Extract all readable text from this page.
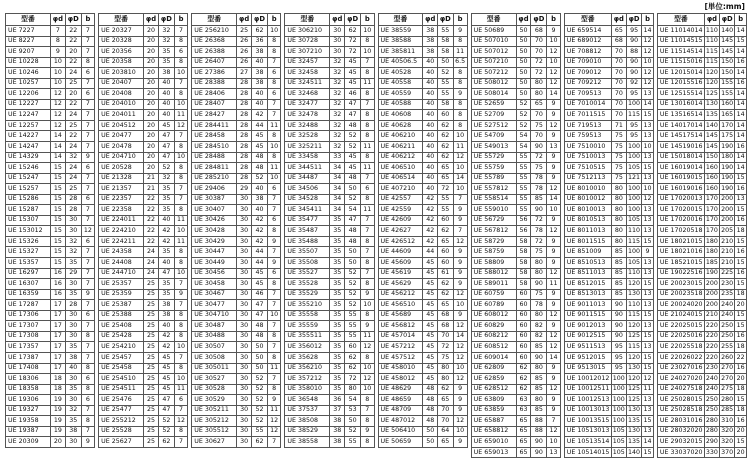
[単位:mm]
型番	φd	φD	b
UE 7227	7	22	7
UE 8227	8	22	7
UE 9207	9	20	7
UE 10228	10	22	8
UE 10246	10	24	6
UE 10257	10	25	7
UE 12206	12	20	6
UE 12227	12	22	7
UE 12247	12	24	7
UE 12257	12	25	7
UE 14227	14	22	7
UE 14247	14	24	7
UE 14329	14	32	9
UE 15246	15	24	6
UE 15247	15	24	7
UE 15257	15	25	7
UE 15286	15	28	6
UE 15287	15	28	7
UE 15307	15	30	7
UE 153012	15	30	12
UE 15326	15	32	6
UE 15327	15	32	7
UE 15357	15	35	7
UE 16297	16	29	7
UE 16307	16	30	7
UE 16359	16	35	9
UE 17287	17	28	7
UE 17306	17	30	6
UE 17307	17	30	7
UE 17308	17	30	8
UE 17357	17	35	7
UE 17387	17	38	7
UE 17408	17	40	8
UE 18306	18	30	6
UE 18358	18	35	8
UE 19306	19	30	6
UE 19327	19	32	7
UE 19358	19	35	8
UE 19387	19	38	7
UE 20309	20	30	9
型番	φd	φD	b
UE 20327	20	32	7
UE 20328	20	32	8
UE 20356	20	35	6
UE 20358	20	35	8
UE 203810	20	38	10
UE 20407	20	40	7
UE 20408	20	40	8
UE 204010	20	40	10
UE 204011	20	40	11
UE 204512	20	45	12
UE 20477	20	47	7
UE 20478	20	47	8
UE 204710	20	47	10
UE 20528	20	52	8
UE 21328	21	32	8
UE 21357	21	35	7
UE 22357	22	35	7
UE 22358	22	35	8
UE 224011	22	40	11
UE 224210	22	42	10
UE 224211	22	42	11
UE 24358	24	35	8
UE 24408	24	40	8
UE 244710	24	47	10
UE 25357	25	35	7
UE 25359	25	35	9
UE 25387	25	38	7
UE 25388	25	38	8
UE 25408	25	40	8
UE 25428	25	42	8
UE 254210	25	42	10
UE 25457	25	45	7
UE 25458	25	45	8
UE 254510	25	45	10
UE 254511	25	45	11
UE 25476	25	47	6
UE 25477	25	47	7
UE 255212	25	52	12
UE 25528	25	52	8
UE 25627	25	62	7
型番	φd	φD	b
UE 256210	25	62	10
UE 26368	26	36	8
UE 26388	26	38	8
UE 26407	26	40	7
UE 27386	27	38	6
UE 28388	28	38	8
UE 28406	28	40	6
UE 28407	28	40	7
UE 28427	28	42	7
UE 284411	28	44	11
UE 28458	28	45	8
UE 284510	28	45	10
UE 28488	28	48	8
UE 284811	28	48	11
UE 285210	28	52	10
UE 29406	29	40	6
UE 30387	30	38	7
UE 30407	30	40	7
UE 30426	30	42	6
UE 30428	30	42	8
UE 30429	30	42	9
UE 30447	30	44	7
UE 30449	30	44	9
UE 30456	30	45	6
UE 30458	30	45	8
UE 30467	30	46	7
UE 30477	30	47	7
UE 304710	30	47	10
UE 30487	30	48	7
UE 30488	30	48	8
UE 30507	30	50	7
UE 30508	30	50	8
UE 305011	30	50	11
UE 30527	30	52	7
UE 30528	30	52	8
UE 30529	30	52	9
UE 305211	30	52	11
UE 305212	30	52	12
UE 305512	30	55	12
UE 30627	30	62	7
型番	φd	φD	b
UE 306210	30	62	10
UE 30728	30	72	8
UE 307210	30	72	10
UE 32457	32	45	7
UE 32458	32	45	8
UE 324511	32	45	11
UE 32468	32	46	8
UE 32477	32	47	7
UE 32478	32	47	8
UE 32488	32	48	8
UE 32528	32	52	8
UE 325211	32	52	11
UE 33458	33	45	8
UE 344511	34	45	11
UE 34487	34	48	7
UE 34506	34	50	6
UE 34528	34	52	8
UE 345411	34	54	11
UE 35477	35	47	7
UE 35487	35	48	7
UE 35488	35	48	8
UE 35507	35	50	7
UE 35508	35	50	8
UE 35527	35	52	7
UE 35528	35	52	8
UE 35529	35	52	9
UE 355210	35	52	10
UE 35558	35	55	8
UE 35559	35	55	9
UE 355511	35	55	11
UE 356012	35	60	12
UE 35628	35	62	8
UE 356210	35	62	10
UE 357212	35	72	12
UE 358010	35	80	10
UE 36548	36	54	8
UE 37537	37	53	7
UE 38508	38	50	8
UE 38529	38	52	9
UE 38558	38	55	8
型番	φd	φD	b
UE 38559	38	55	9
UE 38588	38	58	8
UE 385811	38	58	11
UE 40506.5	40	50	6.5
UE 40528	40	52	8
UE 40558	40	55	8
UE 40559	40	55	9
UE 40588	40	58	8
UE 40608	40	60	8
UE 40628	40	62	8
UE 406210	40	62	10
UE 406211	40	62	11
UE 406212	40	62	12
UE 406510	40	65	10
UE 406514	40	65	14
UE 407210	40	72	10
UE 42557	42	55	7
UE 42559	42	55	9
UE 42609	42	60	9
UE 42627	42	62	7
UE 426512	42	65	12
UE 44609	44	60	9
UE 45609	45	60	9
UE 45619	45	61	9
UE 45629	45	62	9
UE 456212	45	62	12
UE 456510	45	65	10
UE 45689	45	68	9
UE 456812	45	68	12
UE 457014	45	70	14
UE 457212	45	72	12
UE 457512	45	75	12
UE 458010	45	80	10
UE 458012	45	80	12
UE 48629	48	62	9
UE 48659	48	65	9
UE 48709	48	70	9
UE 487012	48	70	12
UE 506410	50	64	10
UE 50659	50	65	9
型番	φd	φD	b
UE 50689	50	68	9
UE 507010	50	70	10
UE 507012	50	70	12
UE 507210	50	72	10
UE 507212	50	72	12
UE 508012	50	80	12
UE 508014	50	80	14
UE 52659	52	65	9
UE 52709	52	70	9
UE 527512	52	75	12
UE 54709	54	70	9
UE 549013	54	90	13
UE 55729	55	72	9
UE 55759	55	75	9
UE 55789	55	78	9
UE 557812	55	78	12
UE 558514	55	85	14
UE 559010	55	90	10
UE 56729	56	72	9
UE 567812	56	78	12
UE 58729	58	72	9
UE 58759	58	75	9
UE 58809	58	80	9
UE 588012	58	80	12
UE 589011	58	90	11
UE 60759	60	75	9
UE 60789	60	78	9
UE 608012	60	80	12
UE 60829	60	82	9
UE 608212	60	82	12
UE 608512	60	85	12
UE 609014	60	90	14
UE 62809	62	80	9
UE 62859	62	85	9
UE 628512	62	85	12
UE 63809	63	80	9
UE 63859	63	85	9
UE 65887	65	88	7
UE 658812	65	88	12
UE 659010	65	90	10
UE 659013	65	90	13
型番	φd	φD	b
UE 659514	65	95	14
UE 689012	68	90	12
UE 708812	70	88	12
UE 709010	70	90	10
UE 709012	70	90	12
UE 709212	70	92	12
UE 709513	70	95	13
UE 7010014	70	100	14
UE 7011515	70	115	15
UE 719513	71	95	13
UE 759513	75	95	13
UE 7510010	75	100	10
UE 7510013	75	100	13
UE 7510515	75	105	15
UE 7512113	75	121	13
UE 8010010	80	100	10
UE 8010012	80	100	12
UE 8010013	80	100	13
UE 8010513	80	105	13
UE 8011013	80	110	13
UE 8011515	80	115	15
UE 851009	85	100	9
UE 8510513	85	105	13
UE 8511013	85	110	13
UE 8512015	85	120	15
UE 8513013	85	130	13
UE 9011013	90	110	13
UE 9011515	90	115	15
UE 9012013	90	120	13
UE 9012515	90	125	15
UE 9511513	95	115	13
UE 9512015	95	120	15
UE 9513015	95	130	15
UE 10012012	100	120	12
UE 10012511	100	125	11
UE 10012513	100	125	13
UE 10013013	100	130	13
UE 10013515	100	135	15
UE 10513013	105	130	13
UE 10513514	105	135	14
UE 10514015	105	140	15
型番	φd	φD	b
UE 11014014	110	140	14
UE 11014515	110	145	15
UE 11514514	115	145	14
UE 11515016	115	150	16
UE 12015014	120	150	14
UE 12015516	120	155	16
UE 12515514	125	155	14
UE 13016014	130	160	14
UE 13516514	135	165	14
UE 14017014	140	170	14
UE 14517514	145	175	14
UE 14519016	145	190	16
UE 15018014	150	180	14
UE 16019014	160	190	14
UE 16019015	160	190	15
UE 16019016	160	190	16
UE 17020013	170	200	13
UE 17020015	170	200	15
UE 17020016	170	200	16
UE 17020518	170	205	18
UE 18021015	180	210	15
UE 18021016	180	210	16
UE 18521015	185	210	15
UE 19022516	190	225	16
UE 20023015	200	230	15
UE 20023518	200	235	18
UE 20024020	200	240	20
UE 21024015	210	240	15
UE 22025015	220	250	15
UE 22025016	220	250	16
UE 22025518	220	255	18
UE 22026022	220	260	22
UE 23027016	230	270	16
UE 24027020	240	270	20
UE 24027518	240	275	18
UE 25028015	250	280	15
UE 25028518	250	285	18
UE 28031016	280	310	16
UE 28032020	280	320	20
UE 29032015	290	320	15
UE 33037020	330	370	20
